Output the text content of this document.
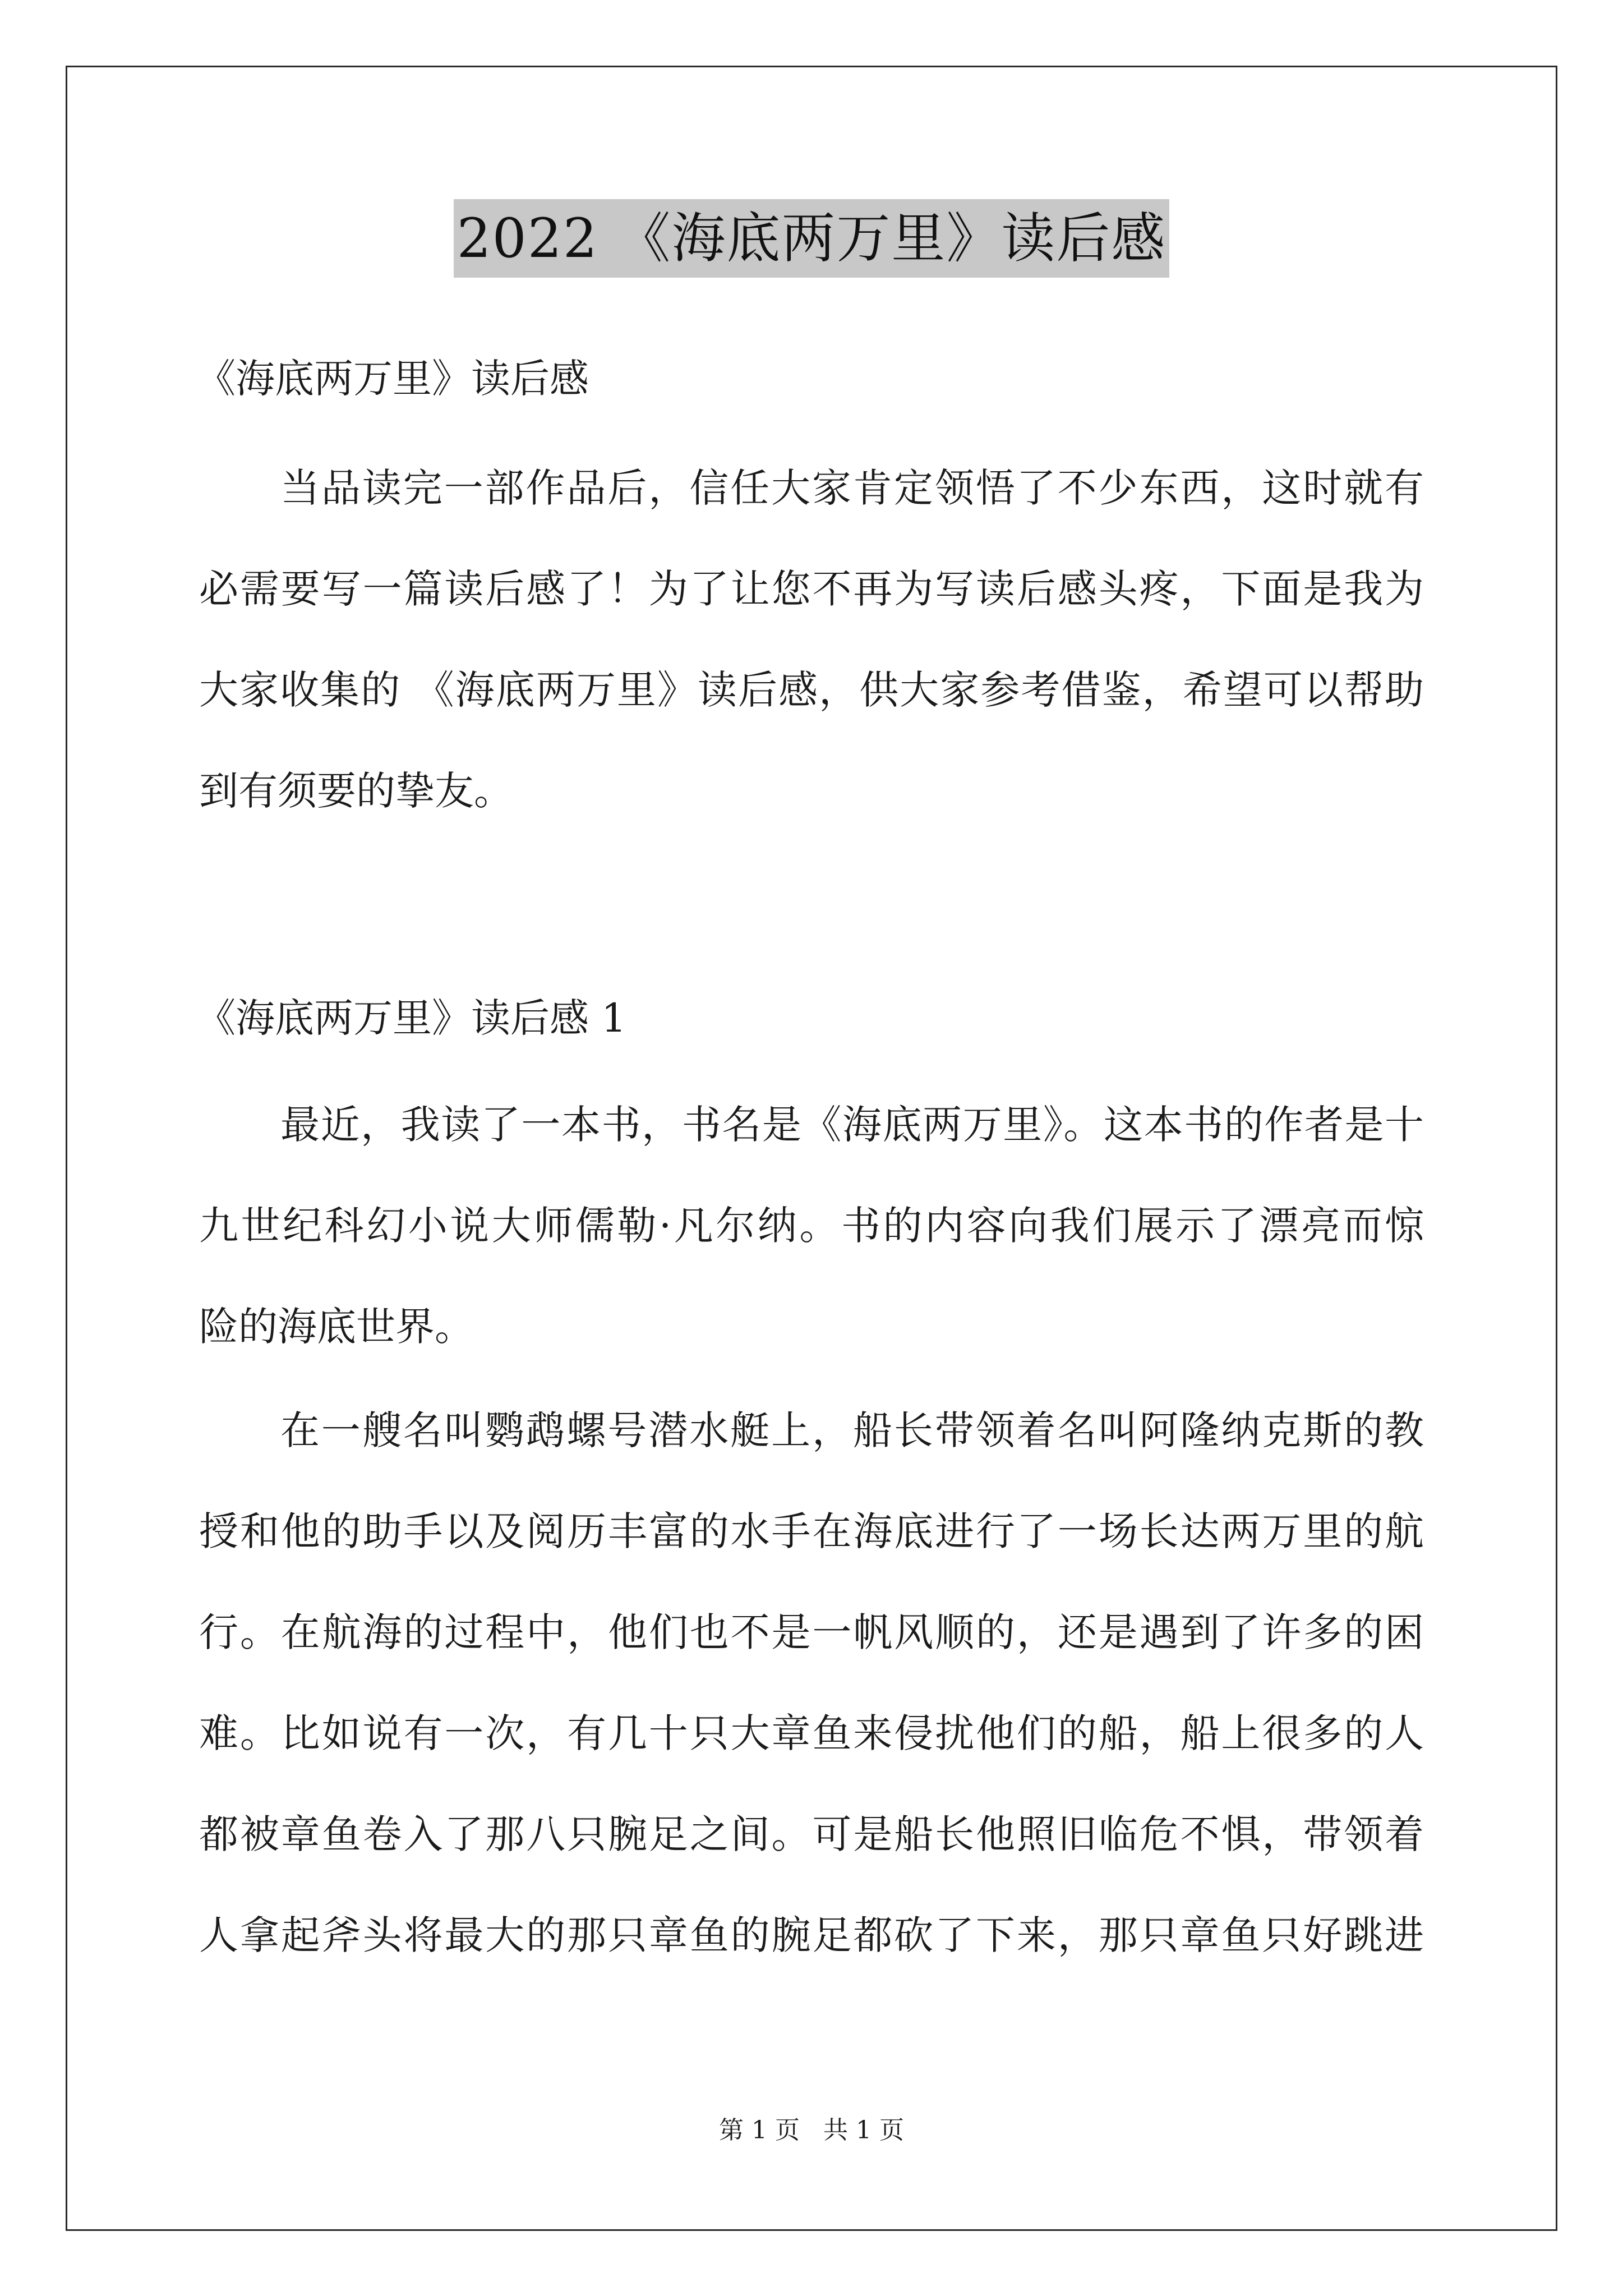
2022 《海底两万里》读后感
《海底两万里》读后感
当品读完一部作品后，信任大家肯定领悟了不少东西，这时就有
必需要写一篇读后感了！为了让您不再为写读后感头疼，下面是我为
大家收集的 《海底两万里》读后感，供大家参考借鉴，希望可以帮助
到有须要的挚友。
《海底两万里》读后感 1
最近，我读了一本书，书名是《海底两万里》。这本书的作者是十
九世纪科幻小说大师儒勒·凡尔纳。书的内容向我们展示了漂亮而惊
险的海底世界。
在一艘名叫鹦鹉螺号潜水艇上，船长带领着名叫阿隆纳克斯的教
授和他的助手以及阅历丰富的水手在海底进行了一场长达两万里的航
行。在航海的过程中，他们也不是一帆风顺的，还是遇到了许多的困
难。比如说有一次，有几十只大章鱼来侵扰他们的船，船上很多的人
都被章鱼卷入了那八只腕足之间。可是船长他照旧临危不惧，带领着
人拿起斧头将最大的那只章鱼的腕足都砍了下来，那只章鱼只好跳进
第 1 页 共 1 页
